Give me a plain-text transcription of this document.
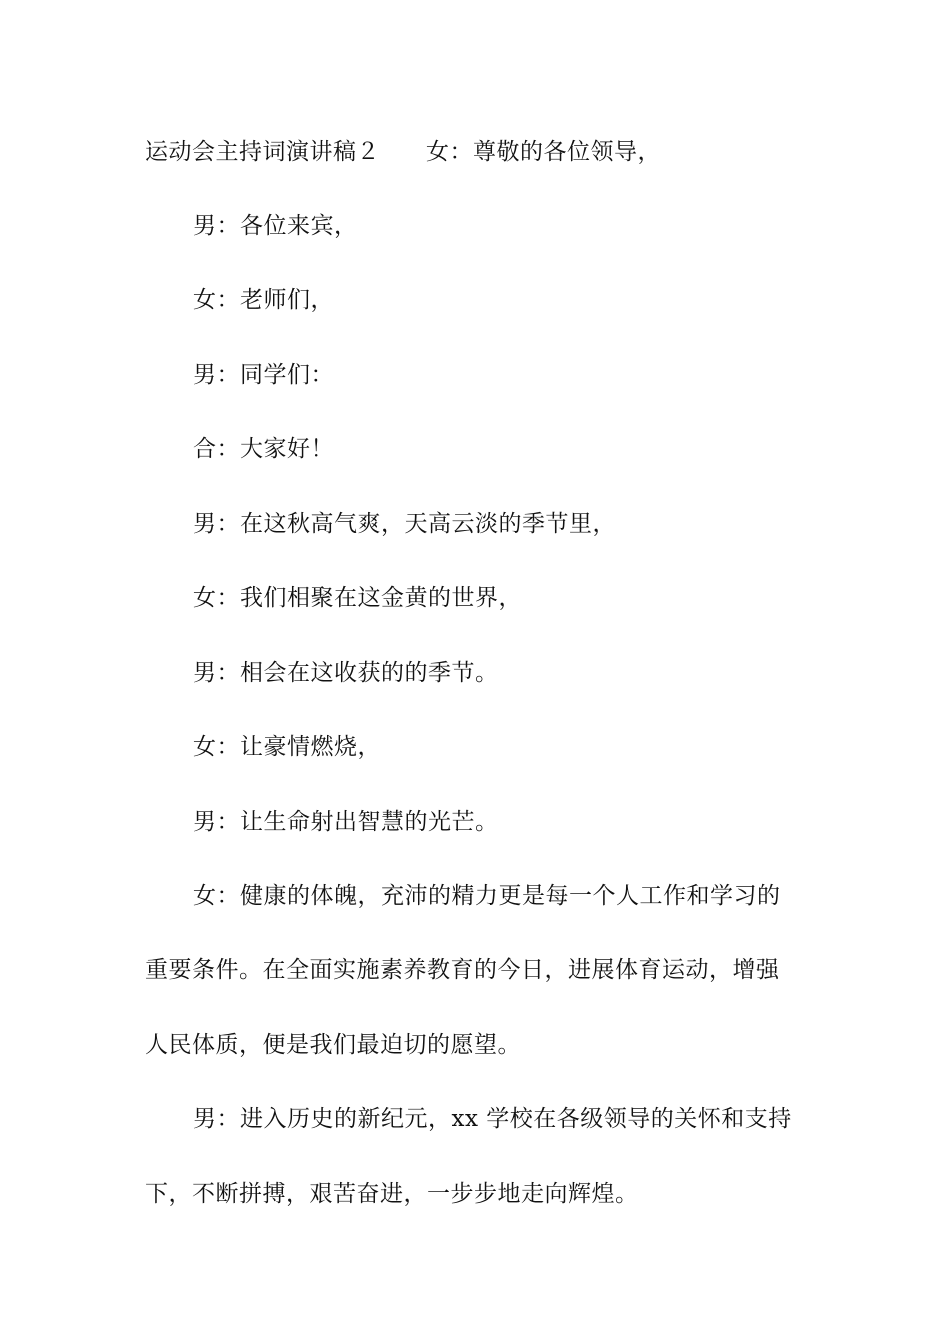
运动会主持词演讲稿２ 女：尊敬的各位领导，
男：各位来宾，
女：老师们，
男：同学们：
合：大家好！
男：在这秋高气爽，天高云淡的季节里，
女：我们相聚在这金黄的世界，
男：相会在这收获的的季节。
女：让豪情燃烧，
男：让生命射出智慧的光芒。
女：健康的体魄，充沛的精力更是每一个人工作和学习的
重要条件。在全面实施素养教育的今日，进展体育运动，增强
人民体质，便是我们最迫切的愿望。
男：进入历史的新纪元，xx 学校在各级领导的关怀和支持
下，不断拼搏，艰苦奋进，一步步地走向辉煌。
